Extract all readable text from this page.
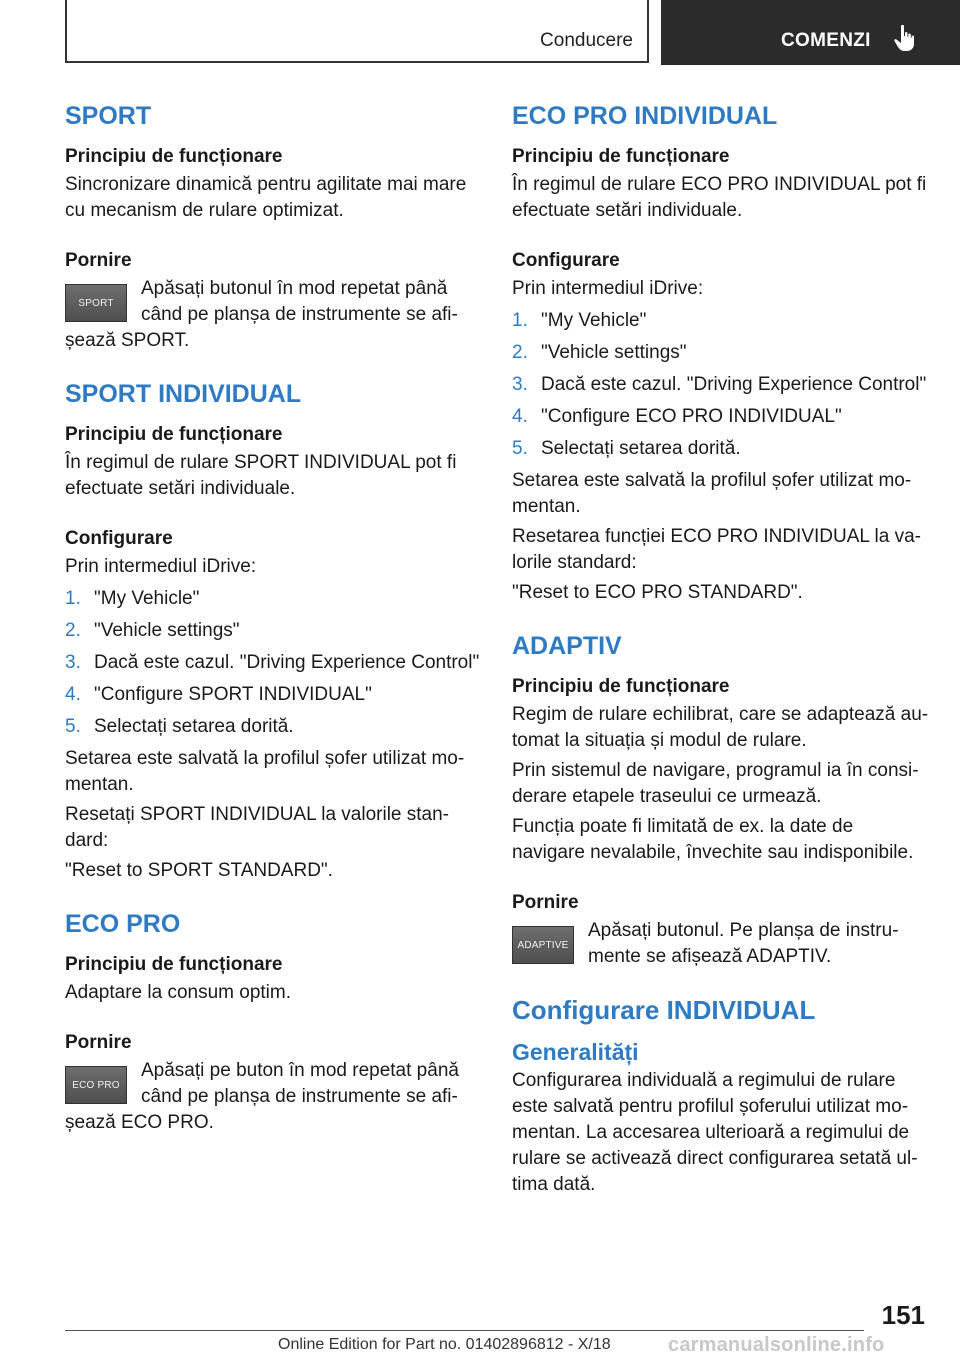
Conducere	COMENZI
SPORT
Principiu de funcționare

Sincronizare dinamică pentru agilitate mai mare cu mecanism de rulare optimizat.

Pornire
SPORT

Apăsați butonul în mod repetat până când pe planșa de instrumente se afi‐

șează SPORT.

SPORT INDIVIDUAL
Principiu de funcționare

În regimul de rulare SPORT INDIVIDUAL pot fi efectuate setări individuale.

Configurare

Prin intermediul iDrive:

1. "My Vehicle"
2. "Vehicle settings"
3. Dacă este cazul. "Driving Experience Control"
4. "Configure SPORT INDIVIDUAL"
5. Selectați setarea dorită.

Setarea este salvată la profilul șofer utilizat mo‐mentan.

Resetați SPORT INDIVIDUAL la valorile stan‐dard:

"Reset to SPORT STANDARD".

ECO PRO
Principiu de funcționare

Adaptare la consum optim.

Pornire
ECO PRO

Apăsați pe buton în mod repetat până când pe planșa de instrumente se afi‐

șează ECO PRO.

ECO PRO INDIVIDUAL
Principiu de funcționare

În regimul de rulare ECO PRO INDIVIDUAL pot fi efectuate setări individuale.

Configurare

Prin intermediul iDrive:

1. "My Vehicle"
2. "Vehicle settings"
3. Dacă este cazul. "Driving Experience Control"
4. "Configure ECO PRO INDIVIDUAL"
5. Selectați setarea dorită.

Setarea este salvată la profilul șofer utilizat mo‐mentan.

Resetarea funcției ECO PRO INDIVIDUAL la va‐lorile standard:

"Reset to ECO PRO STANDARD".

ADAPTIV
Principiu de funcționare

Regim de rulare echilibrat, care se adaptează au‐tomat la situația și modul de rulare.

Prin sistemul de navigare, programul ia în consi‐derare etapele traseului ce urmează.

Funcția poate fi limitată de ex. la date de navigare nevalabile, învechite sau indisponibile.

Pornire
ADAPTIVE

Apăsați butonul. Pe planșa de instru‐mente se afișează ADAPTIV.

Configurare INDIVIDUAL
Generalități

Configurarea individuală a regimului de rulare este salvată pentru profilul șoferului utilizat mo‐mentan. La accesarea ulterioară a regimului de rulare se activează direct configurarea setată ul‐tima dată.

151
Online Edition for Part no. 01402896812 - X/18	carmanualsonline.info
